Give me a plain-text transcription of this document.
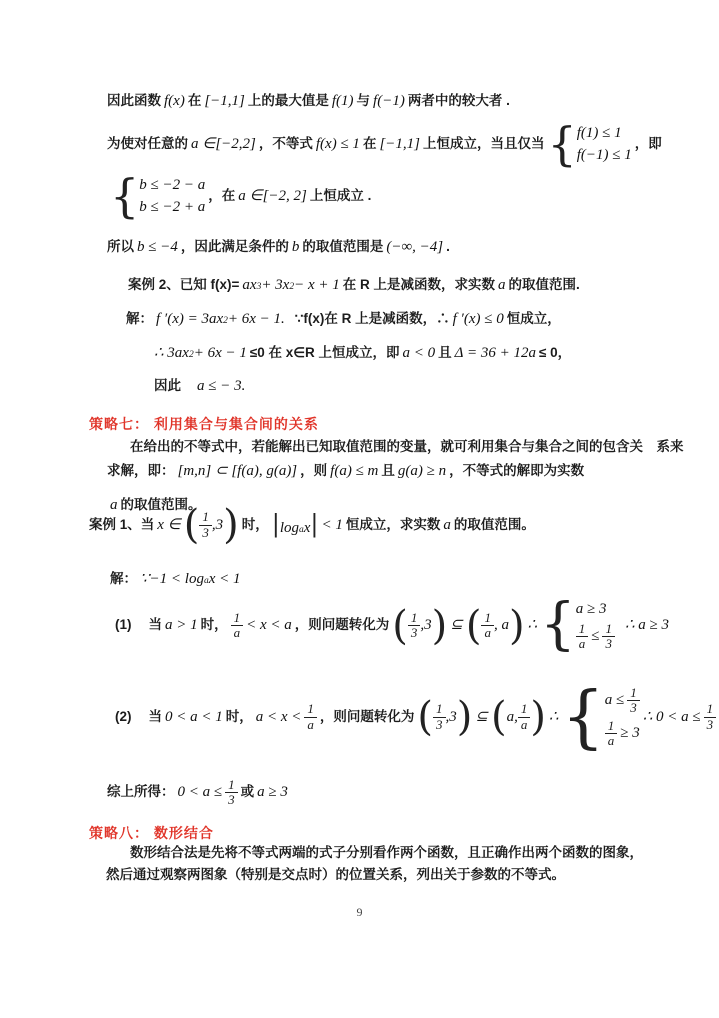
因此函数 f(x) 在 [−1,1] 上的最大值是 f(1) 与 f(−1) 两者中的较大者 .
为使对任意的 a ∈[−2,2] ，不等式 f(x) ≤ 1 在 [−1,1] 上恒成立，当且仅当 { f(1) ≤ 1
f(−1) ≤ 1
，即
{ b ≤ −2 − a
b ≤ −2 + a
，在 a ∈[−2, 2] 上恒成立 .
所以 b ≤ −4 ，因此满足条件的 b 的取值范围是 (−∞, −4] .
案例 2、已知 f(x)= ax 3 + 3x 2 − x + 1 在 R 上是减函数，求实数 a 的取值范围.
解： f ′(x) = 3ax 2 + 6x − 1. ∵f(x)在 R 上是减函数，∴ f ′(x) ≤ 0 恒成立，
∴ 3ax 2 + 6x − 1 ≤0 在 x∈R 上恒成立，即 a < 0 且 Δ = 36 + 12a ≤ 0，
因此 a ≤ − 3.
策略七： 利用集合与集合间的关系
在给出的不等式中，若能解出已知取值范围的变量，就可利用集合与集合之间的包含关　系来
求解，即： [m,n] ⊂ [f(a), g(a)] ，则 f(a) ≤ m 且 g(a) ≥ n ，不等式的解即为实数
a 的取值范围。
案例 1、当 x ∈ ( $\frac{1}{3} ,3$ ) 时， | log a x | < 1 恒成立，求实数 a 的取值范围。
解： ∵−1 < log a x < 1
(1) 当 a > 1 时， $\frac{1}{a} < x < a$ ，则问题转化为 ( $\frac{1}{3} ,3$ ) ⊆ ( $\frac{1}{a}$ , a ) ∴ { a ≥ 3
$\frac{1}{a} \le \frac{1}{3}$ ∴ a ≥ 3
(2) 当 0 < a < 1 时， $a < x < \frac{1}{a}$ ，则问题转化为 ( $\frac{1}{3} ,3$ ) ⊆ ( a, $\frac{1}{a}$ ) ∴ { $a \le \frac{1}{3}$
$\frac{1}{a} \ge 3$
∴ $0 < a \le \frac{1}{3}$
综上所得： $0 < a \le \frac{1}{3}$ 或 a ≥ 3
策略八： 数形结合
数形结合法是先将不等式两端的式子分别看作两个函数，且正确作出两个函数的图象，
然后通过观察两图象（特别是交点时）的位置关系，列出关于参数的不等式。
9
